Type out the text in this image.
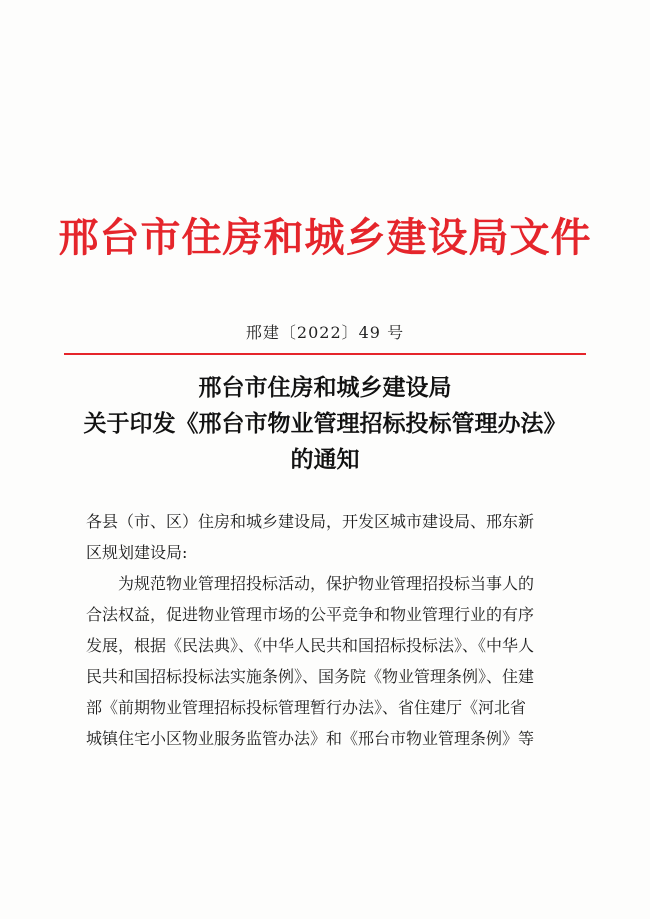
邢台市住房和城乡建设局文件
邢建〔2022〕49 号
邢台市住房和城乡建设局
关于印发《邢台市物业管理招标投标管理办法》
的通知
各县（市、区）住房和城乡建设局，开发区城市建设局、邢东新
区规划建设局:
为规范物业管理招投标活动，保护物业管理招投标当事人的
合法权益，促进物业管理市场的公平竞争和物业管理行业的有序
发展，根据《民法典》、《中华人民共和国招标投标法》、《中华人
民共和国招标投标法实施条例》、国务院《物业管理条例》、住建
部《前期物业管理招标投标管理暂行办法》、省住建厅《河北省
城镇住宅小区物业服务监管办法》和《邢台市物业管理条例》等
